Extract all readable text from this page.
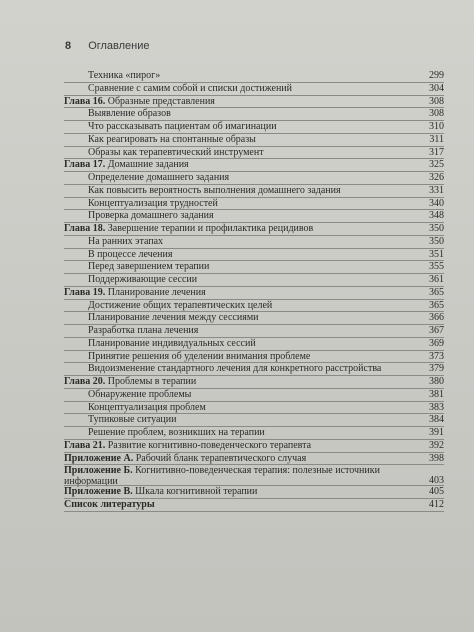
8 Оглавление
Техника «пирог»	299
Сравнение с самим собой и списки достижений	304
Глава 16. Образные представления	308
Выявление образов	308
Что рассказывать пациентам об имагинации	310
Как реагировать на спонтанные образы	311
Образы как терапевтический инструмент	317
Глава 17. Домашние задания	325
Определение домашнего задания	326
Как повысить вероятность выполнения домашнего задания	331
Концептуализация трудностей	340
Проверка домашнего задания	348
Глава 18. Завершение терапии и профилактика рецидивов	350
На ранних этапах	350
В процессе лечения	351
Перед завершением терапии	355
Поддерживающие сессии	361
Глава 19. Планирование лечения	365
Достижение общих терапевтических целей	365
Планирование лечения между сессиями	366
Разработка плана лечения	367
Планирование индивидуальных сессий	369
Принятие решения об уделении внимания проблеме	373
Видоизменение стандартного лечения для конкретного расстройства	379
Глава 20. Проблемы в терапии	380
Обнаружение проблемы	381
Концептуализация проблем	383
Тупиковые ситуации	384
Решение проблем, возникших на терапии	391
Глава 21. Развитие когнитивно-поведенческого терапевта	392
Приложение А. Рабочий бланк терапевтического случая	398
Приложение Б. Когнитивно-поведенческая терапия: полезные источники информации	403
Приложение В. Шкала когнитивной терапии	405
Список литературы	412
